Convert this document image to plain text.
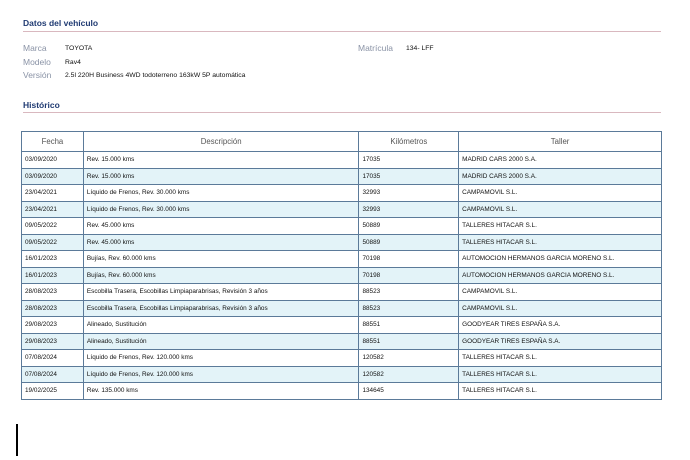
Datos del vehículo
Marca	TOYOTA
Modelo Rav4
Versión 2.5l 220H Business 4WD todoterreno 163kW 5P automática
Matrícula 134- LFF
Histórico
Fecha	Descripción	Kilómetros	Taller
03/09/2020	Rev. 15.000 kms	17035	MADRID CARS 2000 S.A.
03/09/2020	Rev. 15.000 kms	17035	MADRID CARS 2000 S.A.
23/04/2021	Líquido de Frenos, Rev. 30.000 kms	32993	CAMPAMOVIL S.L.
23/04/2021	Líquido de Frenos, Rev. 30.000 kms	32993	CAMPAMOVIL S.L.
09/05/2022	Rev. 45.000 kms	50889	TALLERES HITACAR S.L.
09/05/2022	Rev. 45.000 kms	50889	TALLERES HITACAR S.L.
16/01/2023	Bujías, Rev. 60.000 kms	70198	AUTOMOCION HERMANOS GARCIA MORENO S.L.
16/01/2023	Bujías, Rev. 60.000 kms	70198	AUTOMOCION HERMANOS GARCIA MORENO S.L.
28/08/2023	Escobilla Trasera, Escobillas Limpiaparabrisas, Revisión 3 años	88523	CAMPAMOVIL S.L.
28/08/2023	Escobilla Trasera, Escobillas Limpiaparabrisas, Revisión 3 años	88523	CAMPAMOVIL S.L.
29/08/2023	Alineado, Sustitución	88551	GOODYEAR TIRES ESPAÑA S.A.
29/08/2023	Alineado, Sustitución	88551	GOODYEAR TIRES ESPAÑA S.A.
07/08/2024	Líquido de Frenos, Rev. 120.000 kms	120582	TALLERES HITACAR S.L.
07/08/2024	Líquido de Frenos, Rev. 120.000 kms	120582	TALLERES HITACAR S.L.
19/02/2025	Rev. 135.000 kms	134645	TALLERES HITACAR S.L.
